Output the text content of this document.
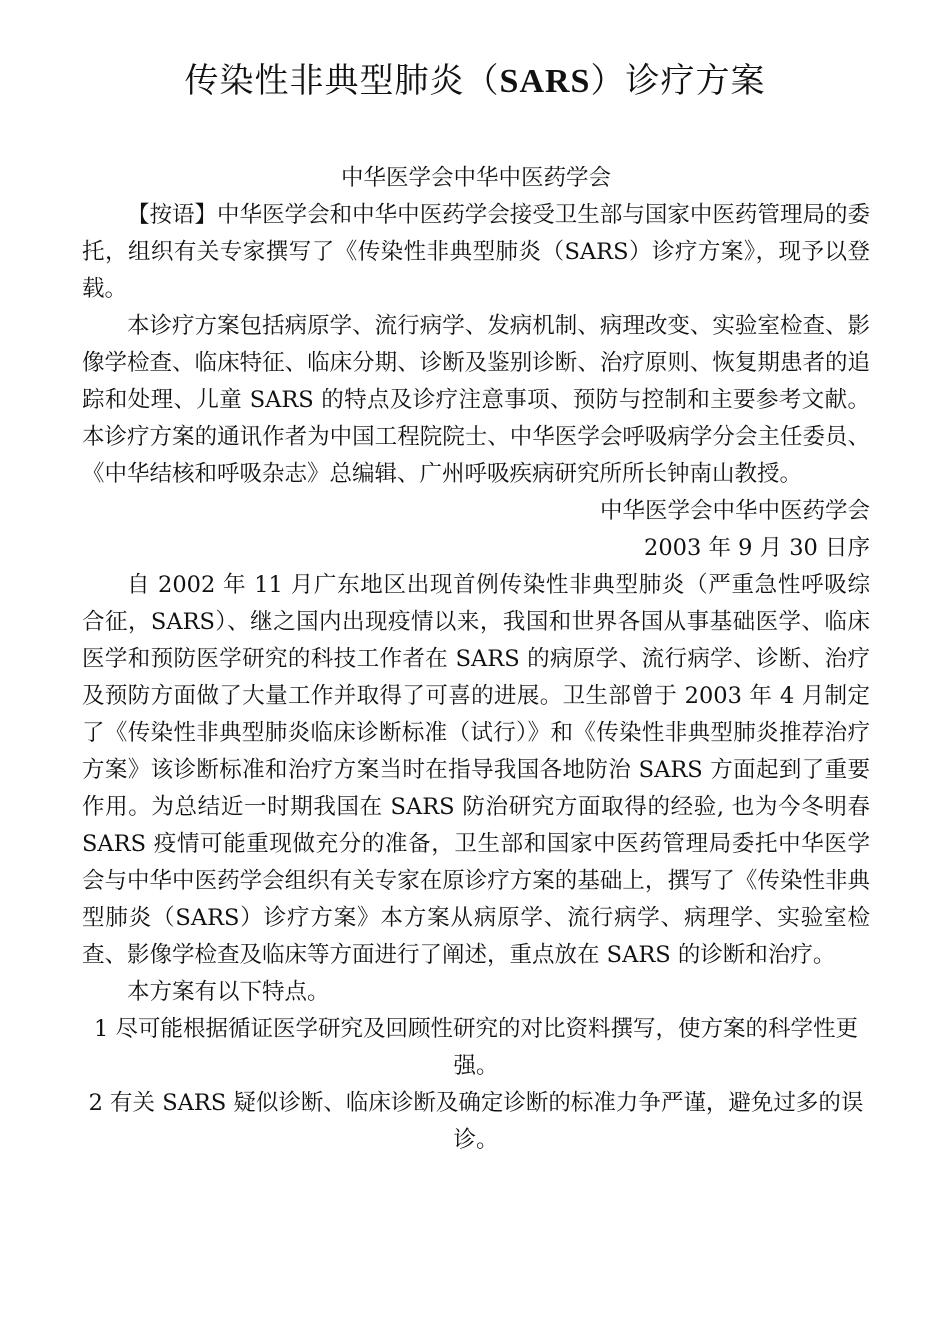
传染性非典型肺炎（SARS）诊疗方案

中华医学会中华中医药学会

【按语】中华医学会和中华中医药学会接受卫生部与国家中医药管理局的委托，组织有关专家撰写了《传染性非典型肺炎（SARS）诊疗方案》，现予以登载。

本诊疗方案包括病原学、流行病学、发病机制、病理改变、实验室检查、影像学检查、临床特征、临床分期、诊断及鉴别诊断、治疗原则、恢复期患者的追踪和处理、儿童 SARS 的特点及诊疗注意事项、预防与控制和主要参考文献。本诊疗方案的通讯作者为中国工程院院士、中华医学会呼吸病学分会主任委员、《中华结核和呼吸杂志》总编辑、广州呼吸疾病研究所所长钟南山教授。

中华医学会中华中医药学会

2003 年 9 月 30 日序

自 2002 年 11 月广东地区出现首例传染性非典型肺炎（严重急性呼吸综合征，SARS）、继之国内出现疫情以来，我国和世界各国从事基础医学、临床医学和预防医学研究的科技工作者在 SARS 的病原学、流行病学、诊断、治疗及预防方面做了大量工作并取得了可喜的进展。卫生部曾于 2003 年 4 月制定了《传染性非典型肺炎临床诊断标准（试行）》和《传染性非典型肺炎推荐治疗方案》该诊断标准和治疗方案当时在指导我国各地防治 SARS 方面起到了重要作用。为总结近一时期我国在 SARS 防治研究方面取得的经验, 也为今冬明春 SARS 疫情可能重现做充分的准备，卫生部和国家中医药管理局委托中华医学会与中华中医药学会组织有关专家在原诊疗方案的基础上，撰写了《传染性非典型肺炎（SARS）诊疗方案》本方案从病原学、流行病学、病理学、实验室检查、影像学检查及临床等方面进行了阐述，重点放在 SARS 的诊断和治疗。

本方案有以下特点。

1 尽可能根据循证医学研究及回顾性研究的对比资料撰写，使方案的科学性更强。

2 有关 SARS 疑似诊断、临床诊断及确定诊断的标准力争严谨，避免过多的误诊。
